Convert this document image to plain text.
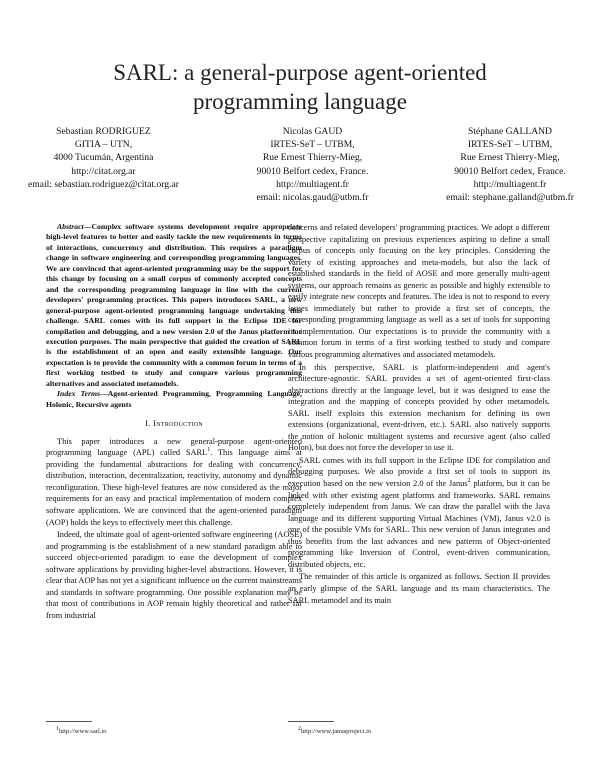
SARL: a general-purpose agent-oriented programming language
Sebastian RODRIGUEZ
GITIA – UTN,
4000 Tucumán, Argentina
http://citat.org.ar
email: sebastian.rodriguez@citat.org.ar
Nicolas GAUD
IRTES-SeT – UTBM,
Rue Ernest Thierry-Mieg,
90010 Belfort cedex, France.
http://multiagent.fr
email: nicolas.gaud@utbm.fr
Stéphane GALLAND
IRTES-SeT – UTBM,
Rue Ernest Thierry-Mieg,
90010 Belfort cedex, France.
http://multiagent.fr
email: stephane.galland@utbm.fr

Abstract—Complex software systems development require appropriate high-level features to better and easily tackle the new requirements in terms of interactions, concurrency and distribution. This requires a paradigm change in software engineering and corresponding programming languages. We are convinced that agent-oriented programming may be the support for this change by focusing on a small corpus of commonly accepted concepts and the corresponding programming language in line with the current developers' programming practices. This papers introduces SARL, a new general-purpose agent-oriented programming language undertaking this challenge. SARL comes with its full support in the Eclipse IDE for compilation and debugging, and a new version 2.0 of the Janus platform for execution purposes. The main perspective that guided the creation of SARL is the establishment of an open and easily extensible language. Our expectation is to provide the community with a common forum in terms of a first working testbed to study and compare various programming alternatives and associated metamodels.

Index Terms—Agent-oriented Programming, Programming Language, Holonic, Recursive agents

I. Introduction

This paper introduces a new general-purpose agent-oriented programming language (APL) called SARL$^1$. This language aims at providing the fundamental abstractions for dealing with concurrency, distribution, interaction, decentralization, reactivity, autonomy and dynamic reconfiguration. These high-level features are now considered as the major requirements for an easy and practical implementation of modern complex software applications. We are convinced that the agent-oriented paradigm (AOP) holds the keys to effectively meet this challenge.

Indeed, the ultimate goal of agent-oriented software engineering (AOSE) and programming is the establishment of a new standard paradigm able to succeed object-oriented paradigm to ease the development of complex software applications by providing higher-level abstractions. However, it is clear that AOP has not yet a significant influence on the current mainstreams and standards in software programming. One possible explanation may be that most of contributions in AOP remain highly theoretical and rather far from industrial

concerns and related developers' programming practices. We adopt a different perspective capitalizing on previous experiences aspiring to define a small corpus of concepts only focusing on the key principles. Considering the variety of existing approaches and meta-models, but also the lack of established standards in the field of AOSE and more generally multi-agent systems, our approach remains as generic as possible and highly extensible to easily integrate new concepts and features. The idea is not to respond to every issues immediately but rather to provide a first set of concepts, the corresponding programming language as well as a set of tools for supporting its implementation. Our expectations is to provide the community with a common forum in terms of a first working testbed to study and compare various programming alternatives and associated metamodels.

In this perspective, SARL is platform-independent and agent's architecture-agnostic. SARL provides a set of agent-oriented first-class abstractions directly at the language level, but it was designed to ease the integration and the mapping of concepts provided by other metamodels. SARL itself exploits this extension mechanism for defining its own extensions (organizational, event-driven, etc.). SARL also natively supports the notion of holonic multiagent systems and recursive agent (also called Holon), but does not force the developer to use it.

SARL comes with its full support in the Eclipse IDE for compilation and debugging purposes. We also provide a first set of tools to support its execution based on the new version 2.0 of the Janus$^2$ platform, but it can be linked with other existing agent platforms and frameworks. SARL remains completely independent from Janus. We can draw the parallel with the Java language and its different supporting Virtual Machines (VM), Janus v2.0 is one of the possible VMs for SARL. This new version of Janus integrates and thus benefits from the last advances and new patterns of Object-oriented programming like Inversion of Control, event-driven communication, distributed objects, etc.

The remainder of this article is organized as follows. Section II provides an early glimpse of the SARL language and its main characteristics. The SARL metamodel and its main

$^1$http://www.sarl.io	$^2$http://www.janusproject.io
